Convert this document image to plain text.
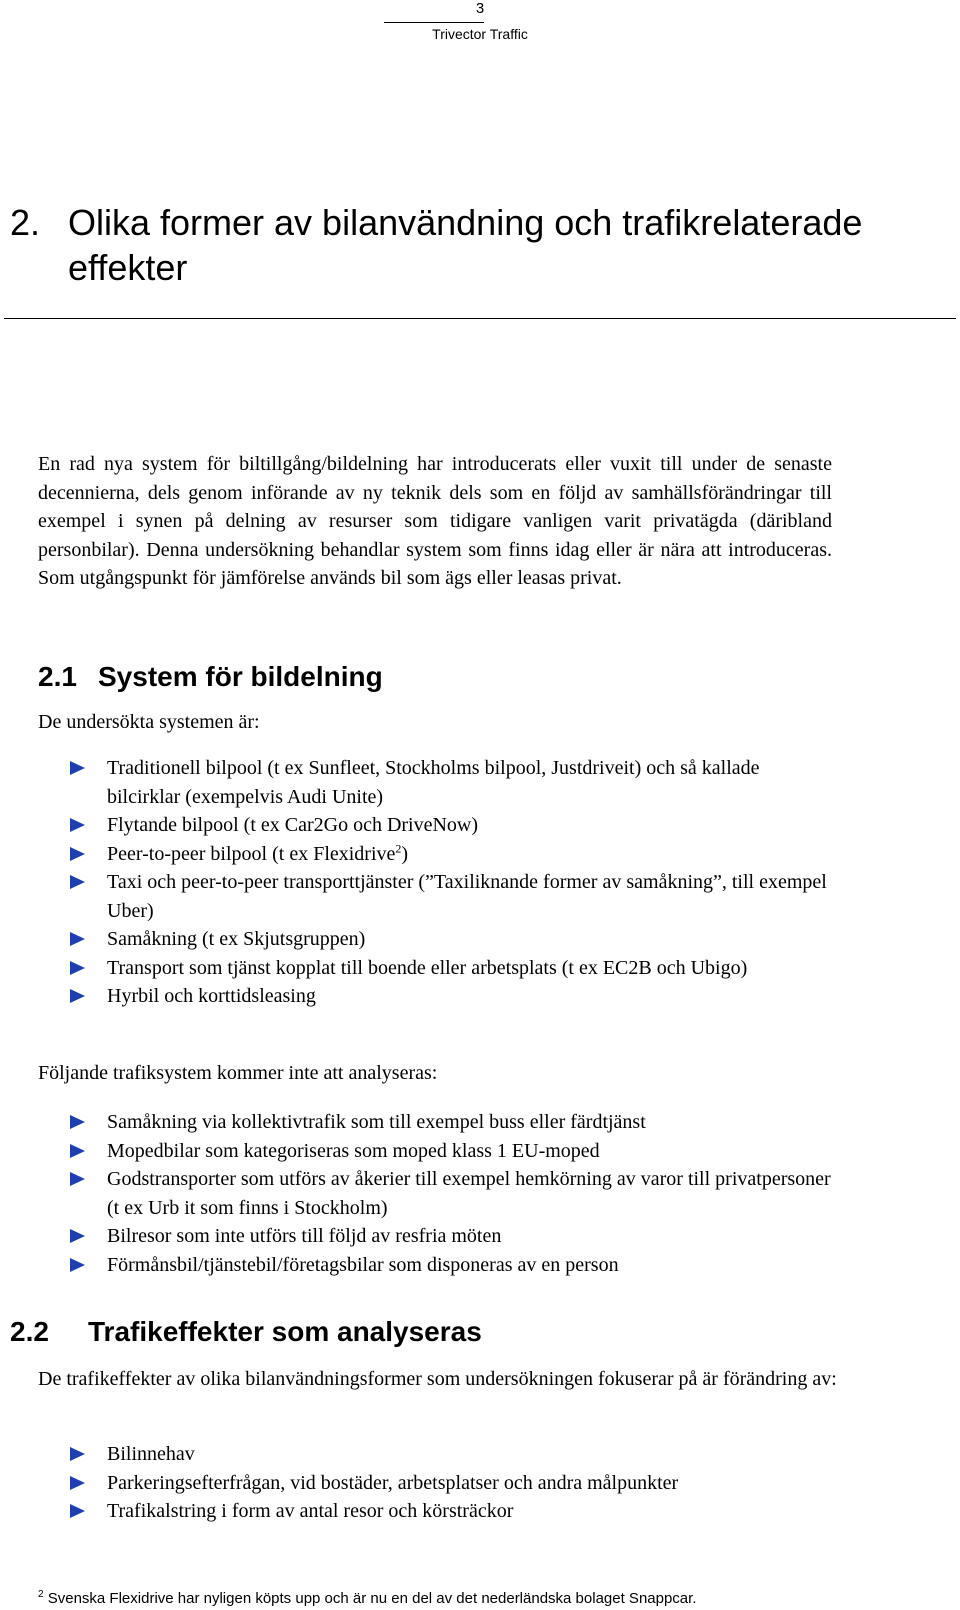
3
Trivector Traffic
2. Olika former av bilanvändning och trafikrelaterade effekter

En rad nya system för biltillgång/bildelning har introducerats eller vuxit till under de senaste decennierna, dels genom införande av ny teknik dels som en följd av samhällsförändringar till exempel i synen på delning av resurser som tidigare vanligen varit privatägda (däribland personbilar). Denna undersökning behandlar system som finns idag eller är nära att introduceras. Som utgångspunkt för jämförelse används bil som ägs eller leasas privat.

2.1 System för bildelning

De undersökta systemen är:

Traditionell bilpool (t ex Sunfleet, Stockholms bilpool, Justdriveit) och så kallade bilcirklar (exempelvis Audi Unite)
Flytande bilpool (t ex Car2Go och DriveNow)
Peer-to-peer bilpool (t ex Flexidrive$^2$)
Taxi och peer-to-peer transporttjänster (”Taxiliknande former av samåkning”, till exempel Uber)
Samåkning (t ex Skjutsgruppen)
Transport som tjänst kopplat till boende eller arbetsplats (t ex EC2B och Ubigo)
Hyrbil och korttidsleasing

Följande trafiksystem kommer inte att analyseras:

Samåkning via kollektivtrafik som till exempel buss eller färdtjänst
Mopedbilar som kategoriseras som moped klass 1 EU-moped
Godstransporter som utförs av åkerier till exempel hemkörning av varor till privatpersoner (t ex Urb it som finns i Stockholm)
Bilresor som inte utförs till följd av resfria möten
Förmånsbil/tjänstebil/företagsbilar som disponeras av en person
2.2 Trafikeffekter som analyseras

De trafikeffekter av olika bilanvändningsformer som undersökningen fokuserar på är förändring av:

Bilinnehav
Parkeringsefterfrågan, vid bostäder, arbetsplatser och andra målpunkter
Trafikalstring i form av antal resor och körsträckor

$^2$ Svenska Flexidrive har nyligen köpts upp och är nu en del av det nederländska bolaget Snappcar.
